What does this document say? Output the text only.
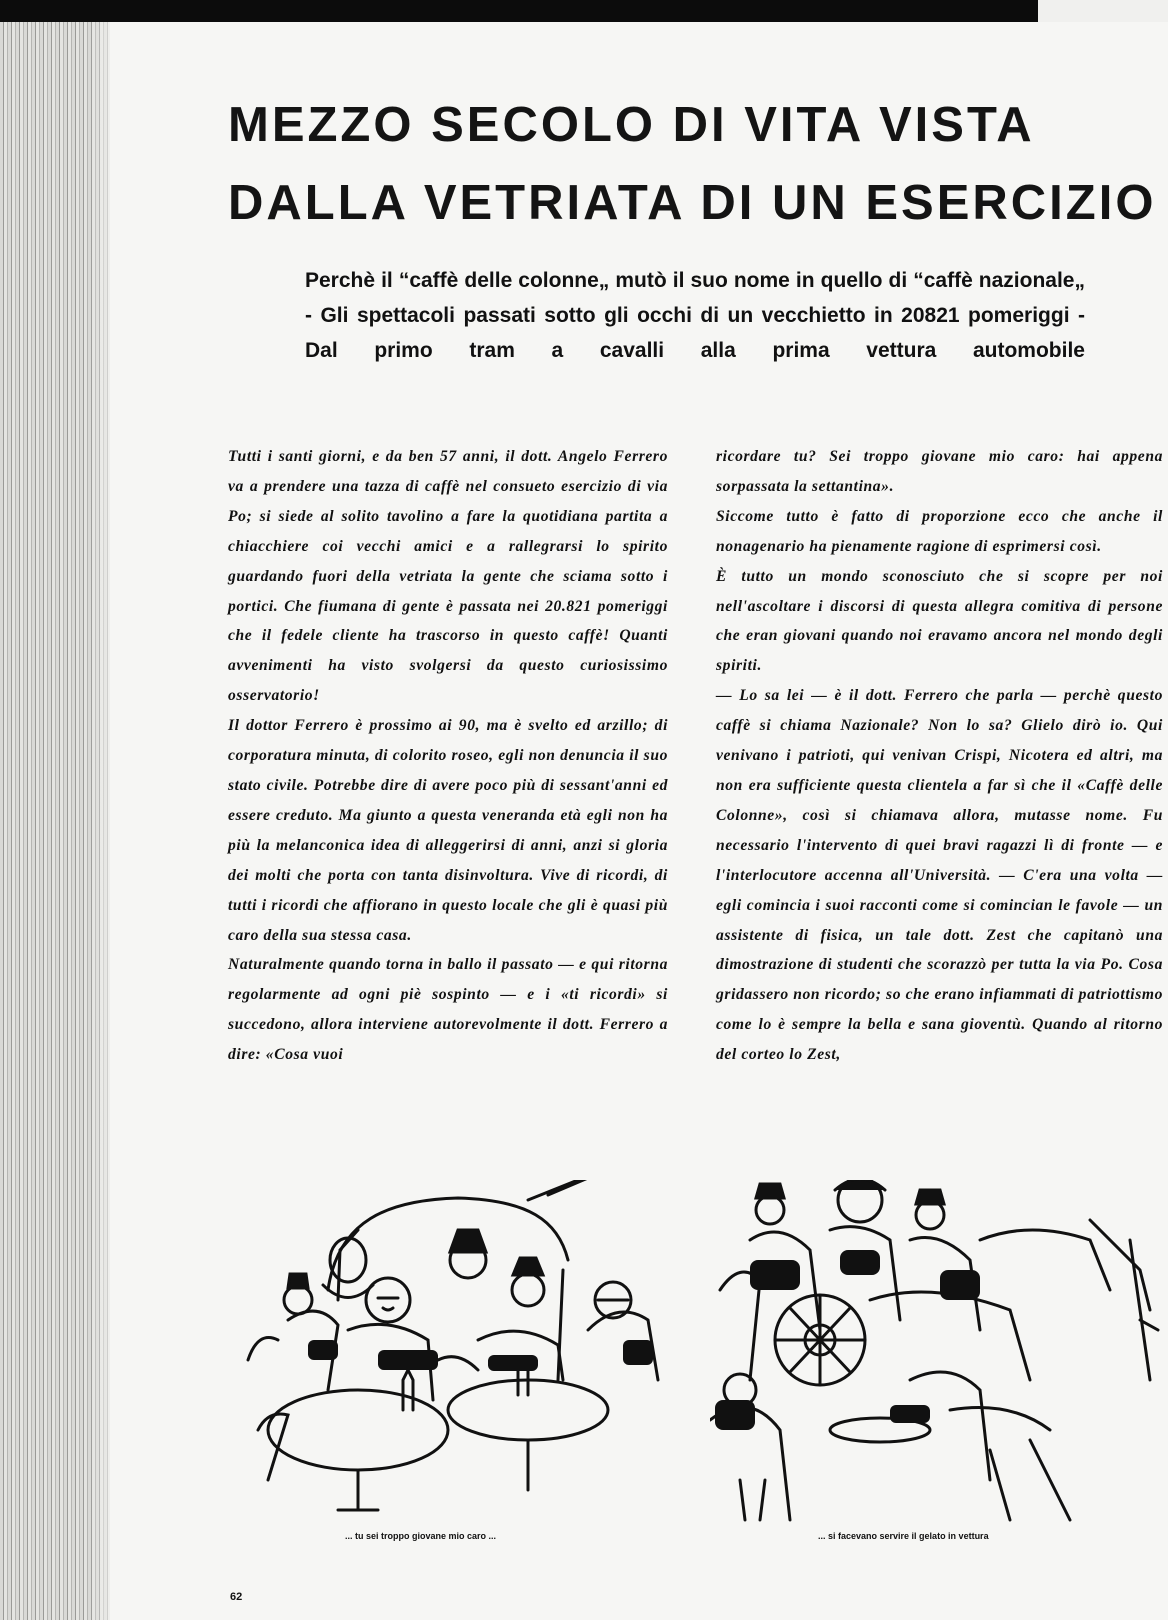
MEZZO SECOLO DI VITA VISTA
DALLA VETRIATA DI UN ESERCIZIO
Perchè il “caffè delle colonne„ mutò il suo nome in quello di “caffè nazionale„ - Gli spettacoli passati sotto gli occhi di un vecchietto in 20821 pomeriggi - Dal primo tram a cavalli alla prima vettura automobile

Tutti i santi giorni, e da ben 57 anni, il dott. Angelo Ferrero va a prendere una tazza di caffè nel consueto esercizio di via Po; si siede al solito tavolino a fare la quotidiana partita a chiacchiere coi vecchi amici e a rallegrarsi lo spirito guardando fuori della vetriata la gente che sciama sotto i portici. Che fiumana di gente è passata nei 20.821 pomeriggi che il fedele cliente ha trascorso in questo caffè! Quanti avvenimenti ha visto svolgersi da questo curiosissimo osservatorio!

Il dottor Ferrero è prossimo ai 90, ma è svelto ed arzillo; di corporatura minuta, di colorito roseo, egli non denuncia il suo stato civile. Potrebbe dire di avere poco più di sessant'anni ed essere creduto. Ma giunto a questa veneranda età egli non ha più la melanconica idea di alleggerirsi di anni, anzi si gloria dei molti che porta con tanta disinvoltura. Vive di ricordi, di tutti i ricordi che affiorano in questo locale che gli è quasi più caro della sua stessa casa.

Naturalmente quando torna in ballo il passato — e qui ritorna regolarmente ad ogni piè sospinto — e i «ti ricordi» si succedono, allora interviene autorevolmente il dott. Ferrero a dire: «Cosa vuoi

ricordare tu? Sei troppo giovane mio caro: hai appena sorpassata la settantina».

Siccome tutto è fatto di proporzione ecco che anche il nonagenario ha pienamente ragione di esprimersi così.

È tutto un mondo sconosciuto che si scopre per noi nell'ascoltare i discorsi di questa allegra comitiva di persone che eran giovani quando noi eravamo ancora nel mondo degli spiriti.

— Lo sa lei — è il dott. Ferrero che parla — perchè questo caffè si chiama Nazionale? Non lo sa? Glielo dirò io. Qui venivano i patrioti, qui venivan Crispi, Nicotera ed altri, ma non era sufficiente questa clientela a far sì che il «Caffè delle Colonne», così si chiamava allora, mutasse nome. Fu necessario l'intervento di quei bravi ragazzi lì di fronte — e l'interlocutore accenna all'Università. — C'era una volta — egli comincia i suoi racconti come si comincian le favole — un assistente di fisica, un tale dott. Zest che capitanò una dimostrazione di studenti che scorazzò per tutta la via Po. Cosa gridassero non ricordo; so che erano infiammati di patriottismo come lo è sempre la bella e sana gioventù. Quando al ritorno del corteo lo Zest,

... tu sei troppo giovane mio caro ...	... si facevano servire il gelato in vettura
62
